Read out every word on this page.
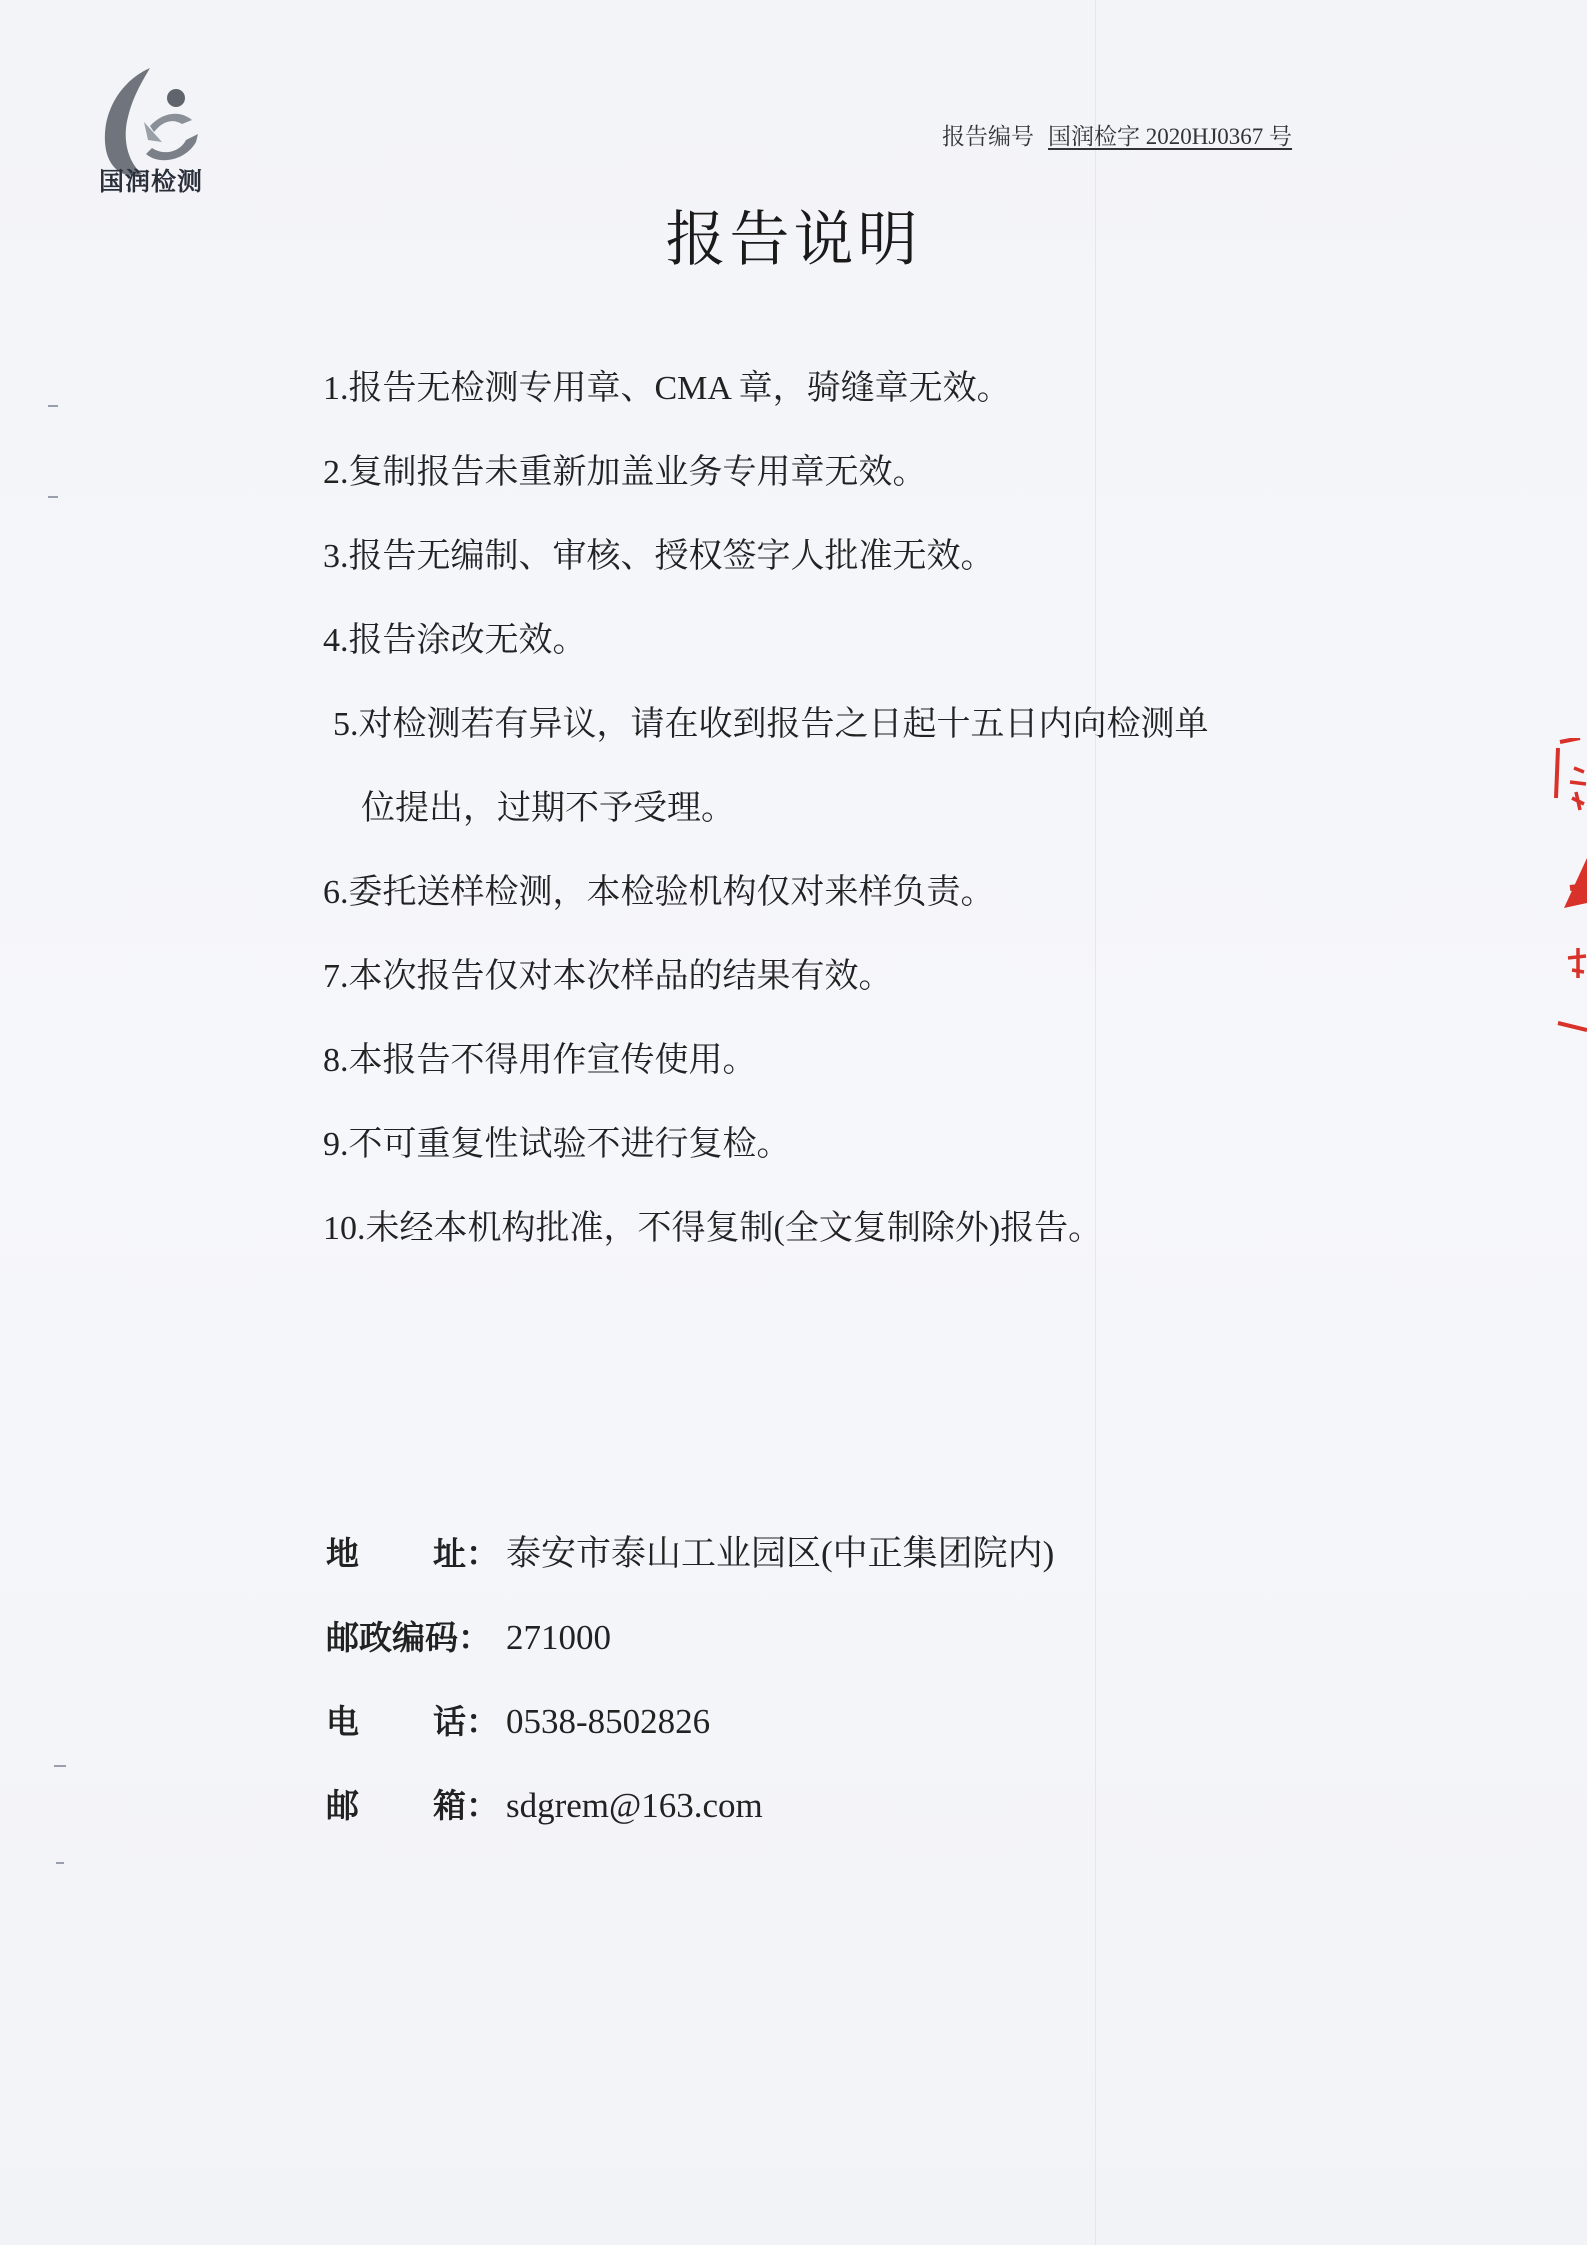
国润检测
报告编号 国润检字 2020HJ0367 号
报告说明

1.报告无检测专用章、CMA 章，骑缝章无效。

2.复制报告未重新加盖业务专用章无效。

3.报告无编制、审核、授权签字人批准无效。

4.报告涂改无效。

5.对检测若有异议，请在收到报告之日起十五日内向检测单
位提出，过期不予受理。

6.委托送样检测，本检验机构仅对来样负责。

7.本次报告仅对本次样品的结果有效。

8.本报告不得用作宣传使用。

9.不可重复性试验不进行复检。

10.未经本机构批准，不得复制(全文复制除外)报告。

地 址： 泰安市泰山工业园区(中正集团院内)
邮政编码： 271000
电 话： 0538-8502826
邮 箱： sdgrem@163.com
